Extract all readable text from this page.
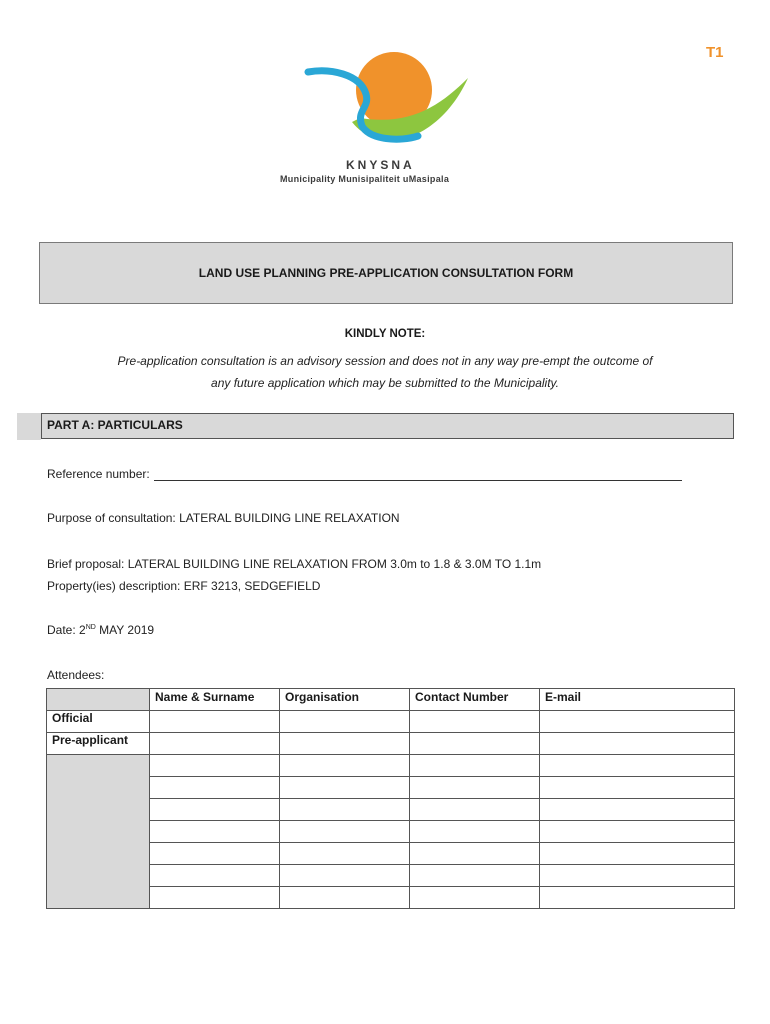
T1
KNYSNA
Municipality Munisipaliteit uMasipala
LAND USE PLANNING PRE-APPLICATION CONSULTATION FORM
KINDLY NOTE:
Pre-application consultation is an advisory session and does not in any way pre-empt the outcome of
any future application which may be submitted to the Municipality.
PART A: PARTICULARS
Reference number:
Purpose of consultation: LATERAL BUILDING LINE RELAXATION
Brief proposal: LATERAL BUILDING LINE RELAXATION FROM 3.0m to 1.8 & 3.0M TO 1.1m
Property(ies) description: ERF 3213, SEDGEFIELD
Date: 2ND MAY 2019
Attendees:
	Name & Surname	Organisation	Contact Number	E-mail
Official				
Pre-applicant				
